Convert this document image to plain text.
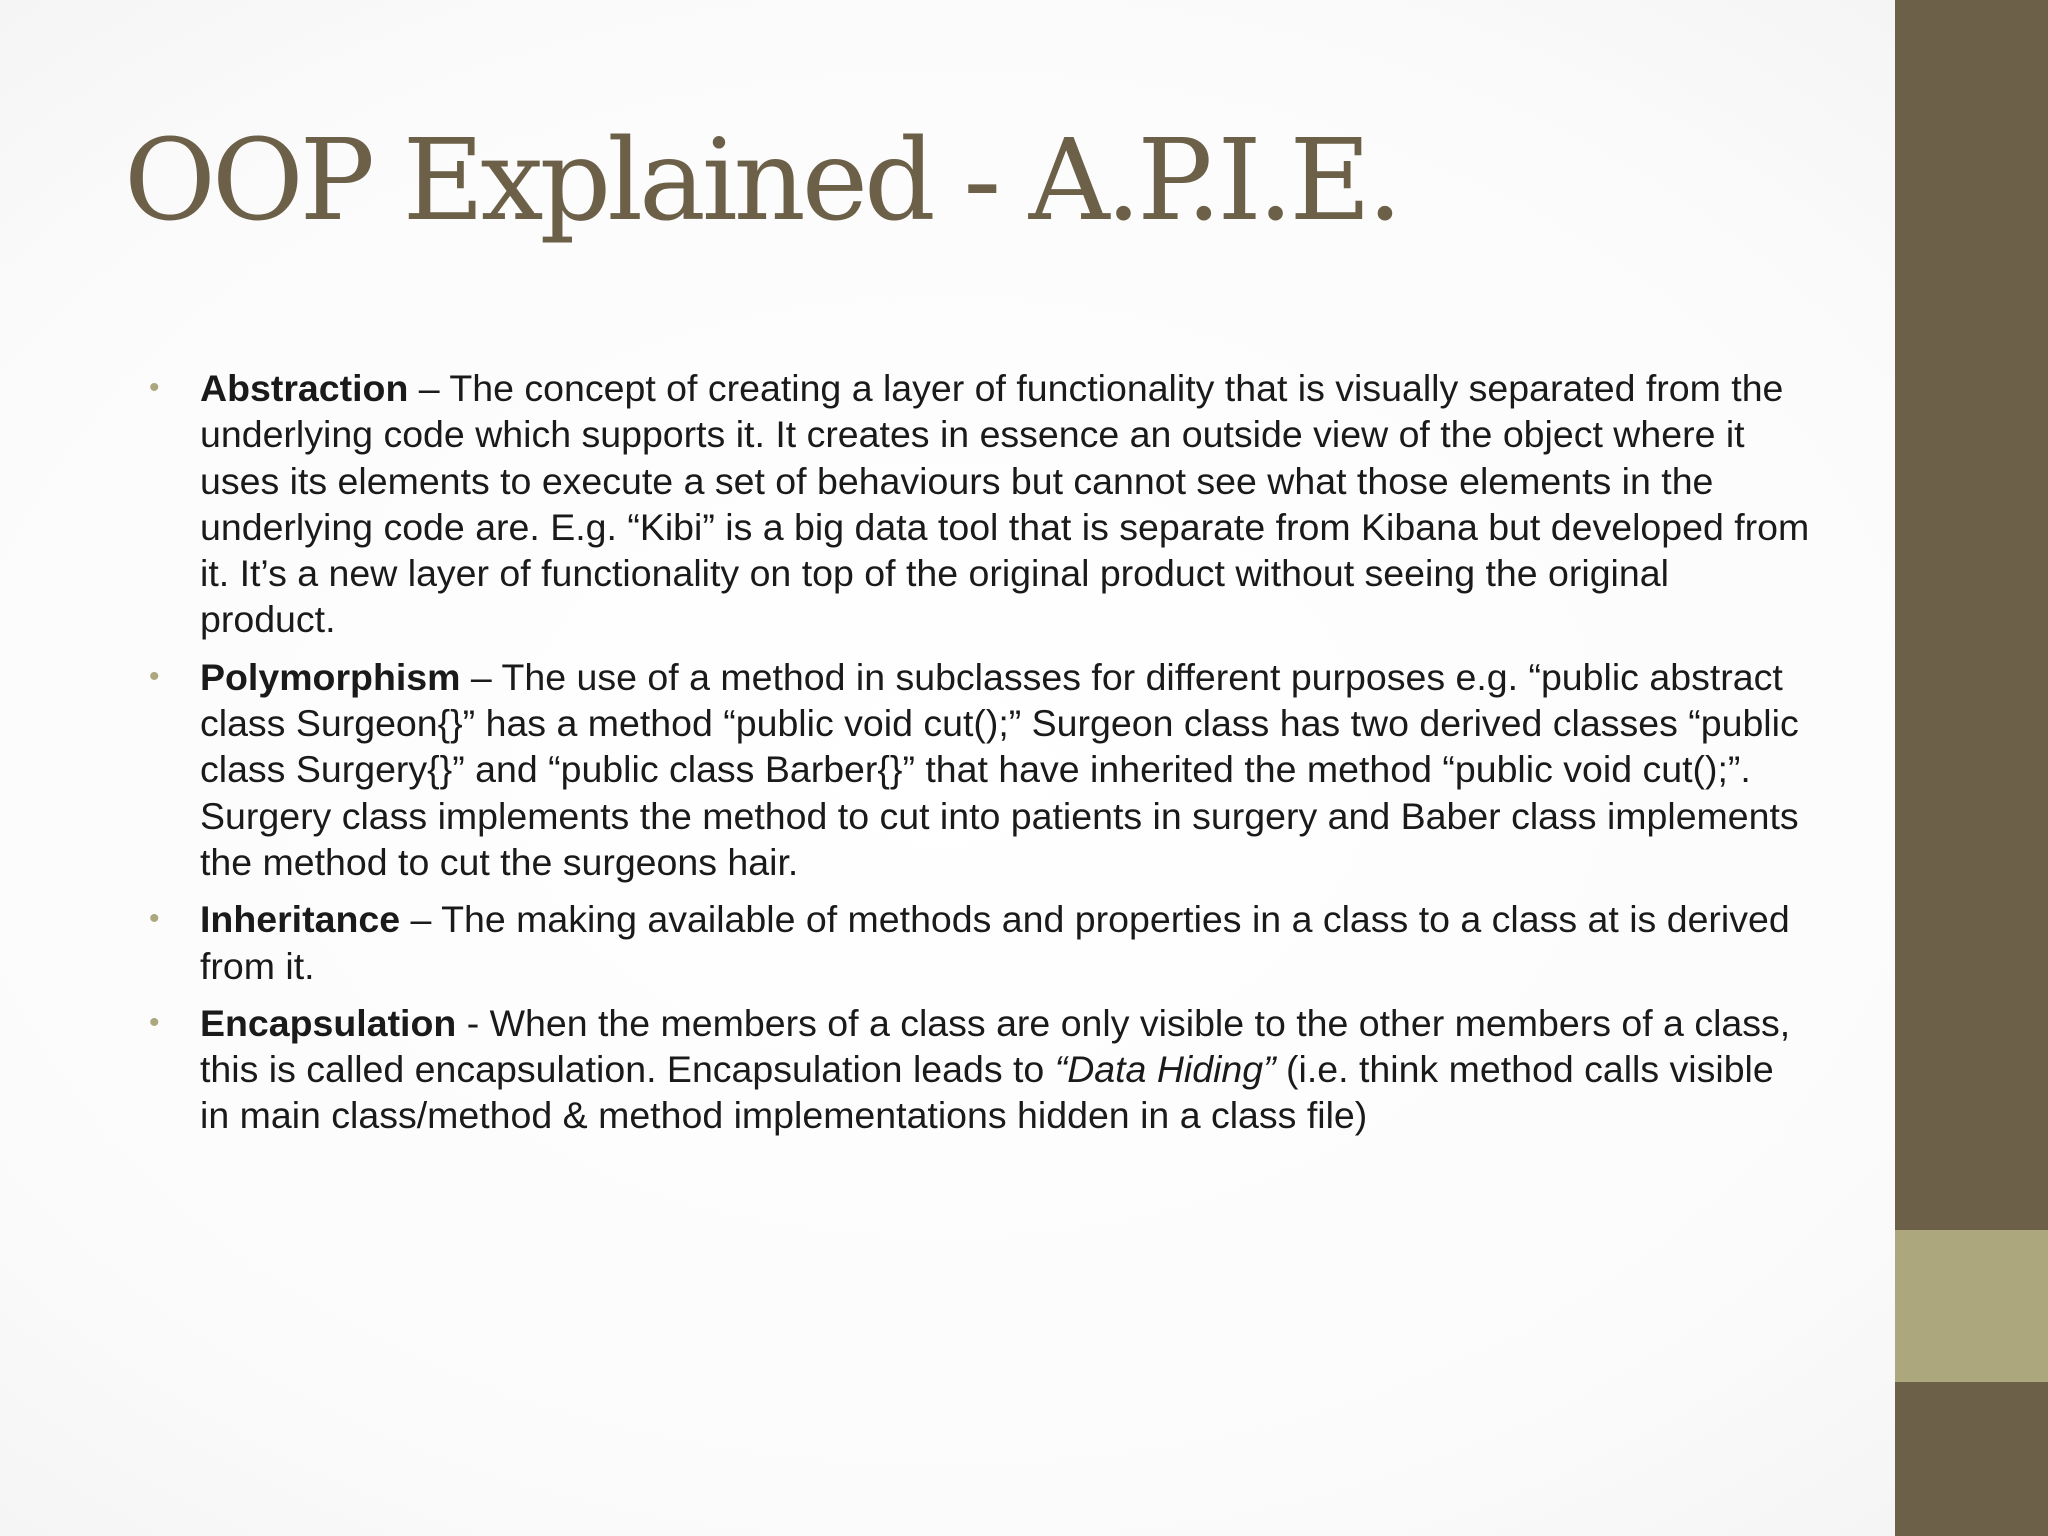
OOP Explained - A.P.I.E.
• Abstraction – The concept of creating a layer of functionality that is visually separated from the underlying code which supports it. It creates in essence an outside view of the object where it uses its elements to execute a set of behaviours but cannot see what those elements in the underlying code are. E.g. “Kibi” is a big data tool that is separate from Kibana but developed from it. It’s a new layer of functionality on top of the original product without seeing the original product.
• Polymorphism – The use of a method in subclasses for different purposes e.g. “public abstract class Surgeon{}” has a method “public void cut();” Surgeon class has two derived classes “public class Surgery{}” and “public class Barber{}” that have inherited the method “public void cut();”. Surgery class implements the method to cut into patients in surgery and Baber class implements the method to cut the surgeons hair.
• Inheritance – The making available of methods and properties in a class to a class at is derived from it.
• Encapsulation - When the members of a class are only visible to the other members of a class, this is called encapsulation. Encapsulation leads to “Data Hiding” (i.e. think method calls visible in main class/method & method implementations hidden in a class file)
